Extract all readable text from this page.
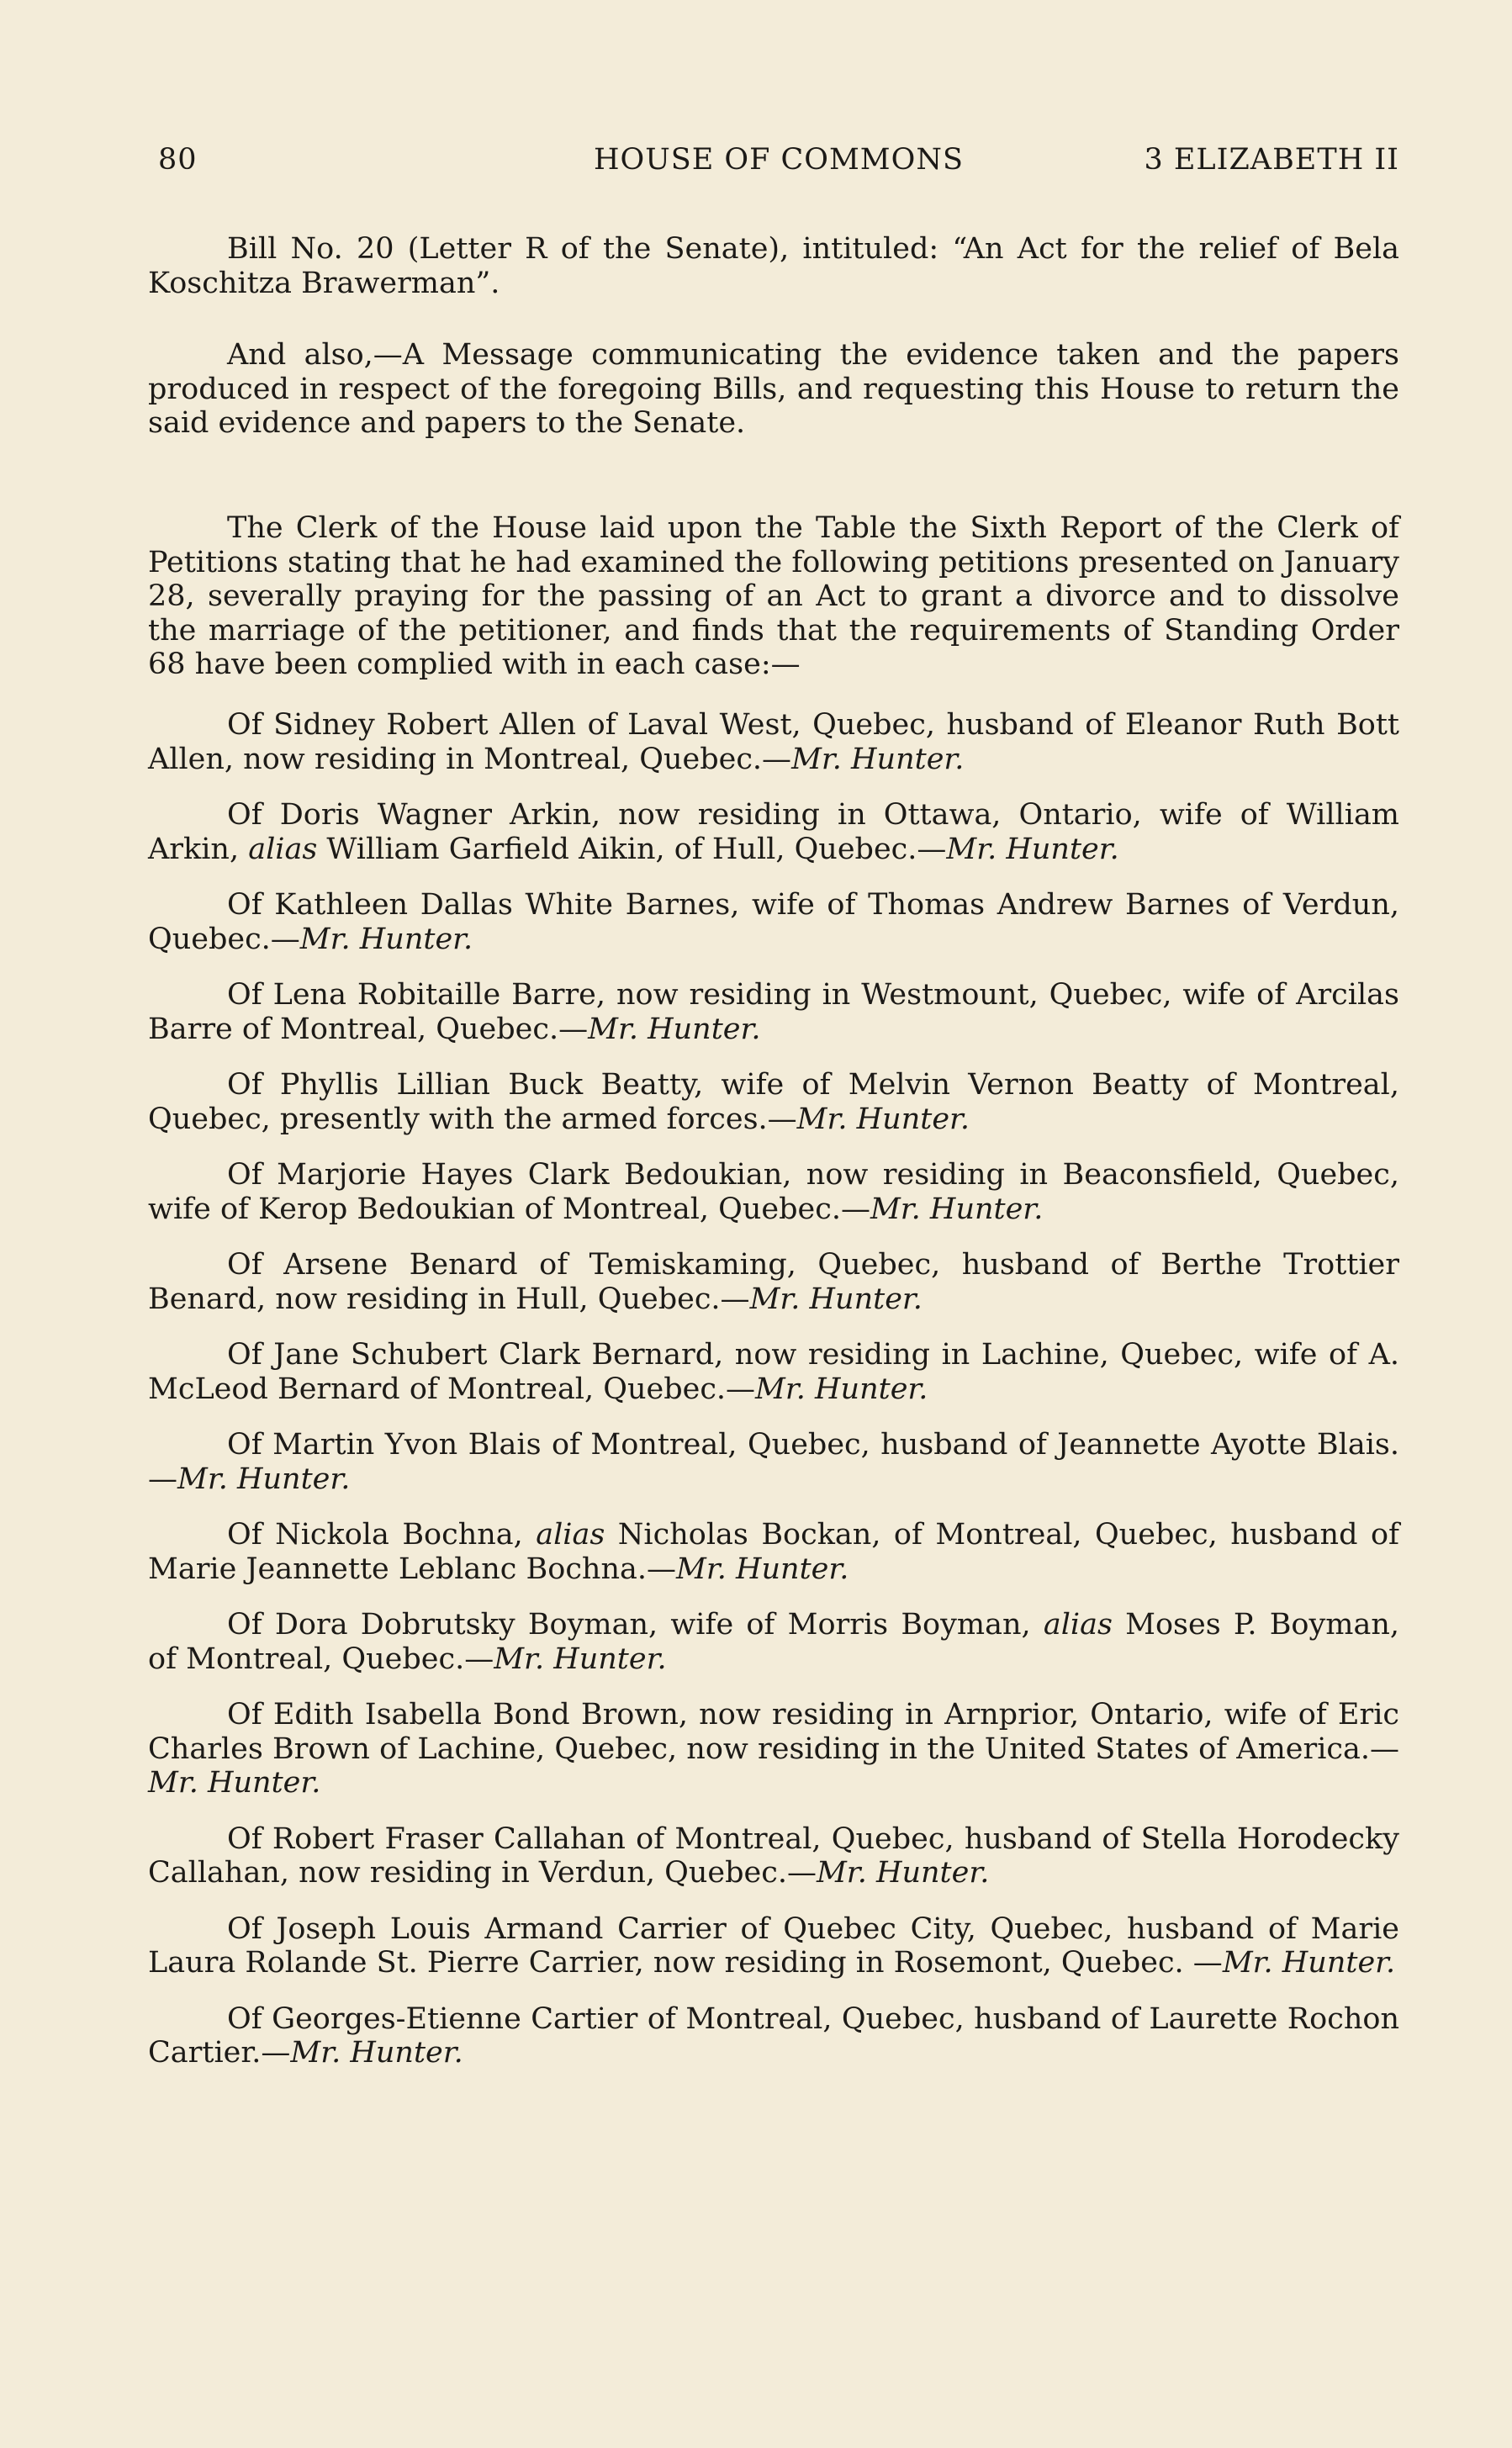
80	HOUSE OF COMMONS	3 ELIZABETH II

Bill No. 20 (Letter R of the Senate), intituled: “An Act for the relief of Bela Koschitza Brawerman”.

And also,—A Message communicating the evidence taken and the papers produced in respect of the foregoing Bills, and requesting this House to return the said evidence and papers to the Senate.

The Clerk of the House laid upon the Table the Sixth Report of the Clerk of Petitions stating that he had examined the following petitions presented on January 28, severally praying for the passing of an Act to grant a divorce and to dissolve the marriage of the petitioner, and finds that the requirements of Standing Order 68 have been complied with in each case:—

Of Sidney Robert Allen of Laval West, Quebec, husband of Eleanor Ruth Bott Allen, now residing in Montreal, Quebec.—Mr. Hunter.

Of Doris Wagner Arkin, now residing in Ottawa, Ontario, wife of William Arkin, alias William Garfield Aikin, of Hull, Quebec.—Mr. Hunter.

Of Kathleen Dallas White Barnes, wife of Thomas Andrew Barnes of Verdun, Quebec.—Mr. Hunter.

Of Lena Robitaille Barre, now residing in Westmount, Quebec, wife of Arcilas Barre of Montreal, Quebec.—Mr. Hunter.

Of Phyllis Lillian Buck Beatty, wife of Melvin Vernon Beatty of Montreal, Quebec, presently with the armed forces.—Mr. Hunter.

Of Marjorie Hayes Clark Bedoukian, now residing in Beaconsfield, Quebec, wife of Kerop Bedoukian of Montreal, Quebec.—Mr. Hunter.

Of Arsene Benard of Temiskaming, Quebec, husband of Berthe Trottier Benard, now residing in Hull, Quebec.—Mr. Hunter.

Of Jane Schubert Clark Bernard, now residing in Lachine, Quebec, wife of A. McLeod Bernard of Montreal, Quebec.—Mr. Hunter.

Of Martin Yvon Blais of Montreal, Quebec, husband of Jeannette Ayotte Blais.—Mr. Hunter.

Of Nickola Bochna, alias Nicholas Bockan, of Montreal, Quebec, husband of Marie Jeannette Leblanc Bochna.—Mr. Hunter.

Of Dora Dobrutsky Boyman, wife of Morris Boyman, alias Moses P. Boyman, of Montreal, Quebec.—Mr. Hunter.

Of Edith Isabella Bond Brown, now residing in Arnprior, Ontario, wife of Eric Charles Brown of Lachine, Quebec, now residing in the United States of America.—Mr. Hunter.

Of Robert Fraser Callahan of Montreal, Quebec, husband of Stella Horodecky Callahan, now residing in Verdun, Quebec.—Mr. Hunter.

Of Joseph Louis Armand Carrier of Quebec City, Quebec, husband of Marie Laura Rolande St. Pierre Carrier, now residing in Rosemont, Quebec. —Mr. Hunter.

Of Georges-Etienne Cartier of Montreal, Quebec, husband of Laurette Rochon Cartier.—Mr. Hunter.
